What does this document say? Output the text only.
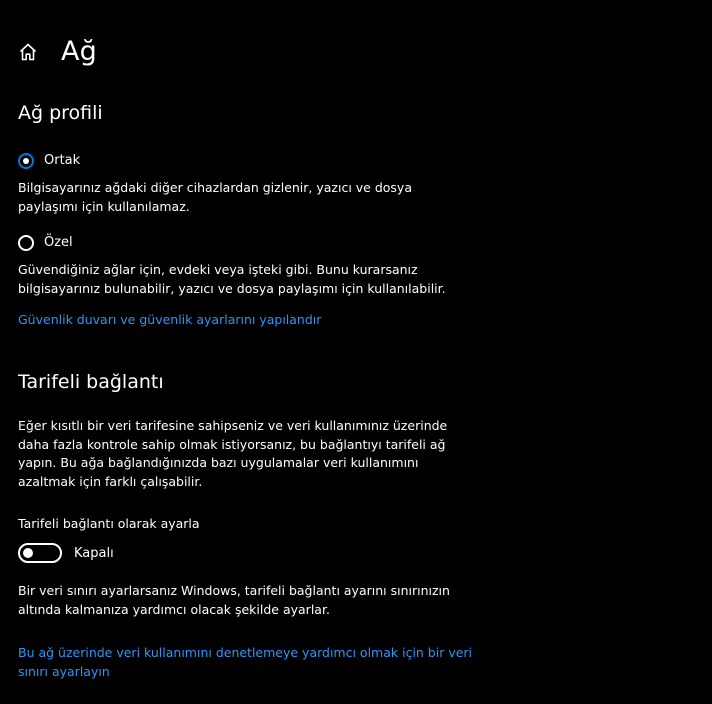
Ağ
Ağ profili
Ortak
Bilgisayarınız ağdaki diğer cihazlardan gizlenir, yazıcı ve dosya paylaşımı için kullanılamaz.
Özel
Güvendiğiniz ağlar için, evdeki veya işteki gibi. Bunu kurarsanız bilgisayarınız bulunabilir, yazıcı ve dosya paylaşımı için kullanılabilir.
Güvenlik duvarı ve güvenlik ayarlarını yapılandır
Tarifeli bağlantı
Eğer kısıtlı bir veri tarifesine sahipseniz ve veri kullanımınız üzerinde daha fazla kontrole sahip olmak istiyorsanız, bu bağlantıyı tarifeli ağ yapın. Bu ağa bağlandığınızda bazı uygulamalar veri kullanımını azaltmak için farklı çalışabilir.
Tarifeli bağlantı olarak ayarla
Kapalı
Bir veri sınırı ayarlarsanız Windows, tarifeli bağlantı ayarını sınırınızın altında kalmanıza yardımcı olacak şekilde ayarlar.
Bu ağ üzerinde veri kullanımını denetlemeye yardımcı olmak için bir veri sınırı ayarlayın
